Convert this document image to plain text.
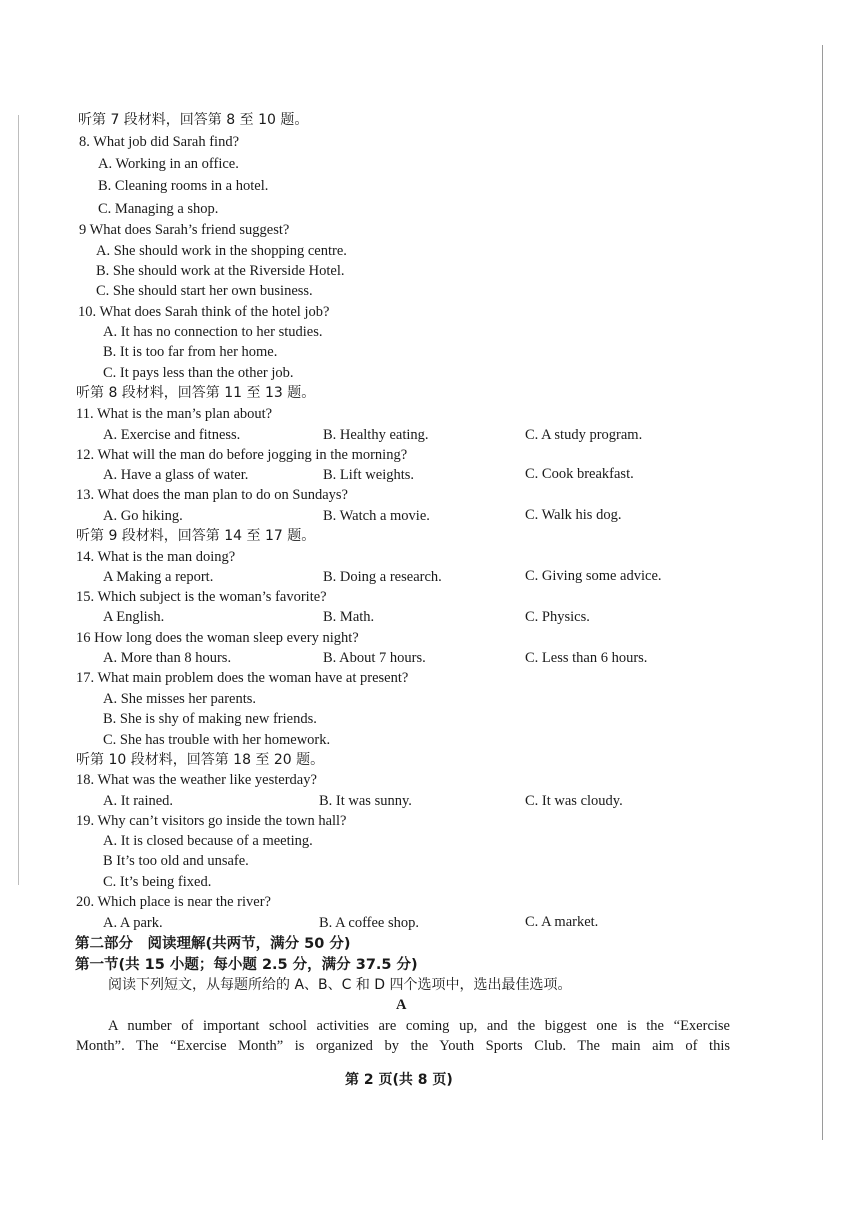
听第 7 段材料，回答第 8 至 10 题。
8. What job did Sarah find?
A. Working in an office.
B. Cleaning rooms in a hotel.
C. Managing a shop.
9 What does Sarah’s friend suggest?
A. She should work in the shopping centre.
B. She should work at the Riverside Hotel.
C. She should start her own business.
10. What does Sarah think of the hotel job?
A. It has no connection to her studies.
B. It is too far from her home.
C. It pays less than the other job.
听第 8 段材料，回答第 11 至 13 题。
11. What is the man’s plan about?
A. Exercise and fitness.	B. Healthy eating.	C. A study program.
12. What will the man do before jogging in the morning?
A. Have a glass of water.	B. Lift weights.	C. Cook breakfast.
13. What does the man plan to do on Sundays?
A. Go hiking.	B. Watch a movie.	C. Walk his dog.
听第 9 段材料，回答第 14 至 17 题。
14. What is the man doing?
A Making a report.	B. Doing a research.	C. Giving some advice.
15. Which subject is the woman’s favorite?
A English.	B. Math.	C. Physics.
16 How long does the woman sleep every night?
A. More than 8 hours.	B. About 7 hours.	C. Less than 6 hours.
17. What main problem does the woman have at present?
A. She misses her parents.
B. She is shy of making new friends.
C. She has trouble with her homework.
听第 10 段材料，回答第 18 至 20 题。
18. What was the weather like yesterday?
A. It rained.	B. It was sunny.	C. It was cloudy.
19. Why can’t visitors go inside the town hall?
A. It is closed because of a meeting.
B It’s too old and unsafe.
C. It’s being fixed.
20. Which place is near the river?
A. A park.	B. A coffee shop.	C. A market.
第二部分　阅读理解(共两节，满分 50 分)
第一节(共 15 小题；每小题 2.5 分，满分 37.5 分)
阅读下列短文，从每题所给的 A、B、C 和 D 四个选项中，选出最佳选项。
A
A number of important school activities are coming up, and the biggest one is the “Exercise
Month”. The “Exercise Month” is organized by the Youth Sports Club. The main aim of this
第 2 页(共 8 页)
